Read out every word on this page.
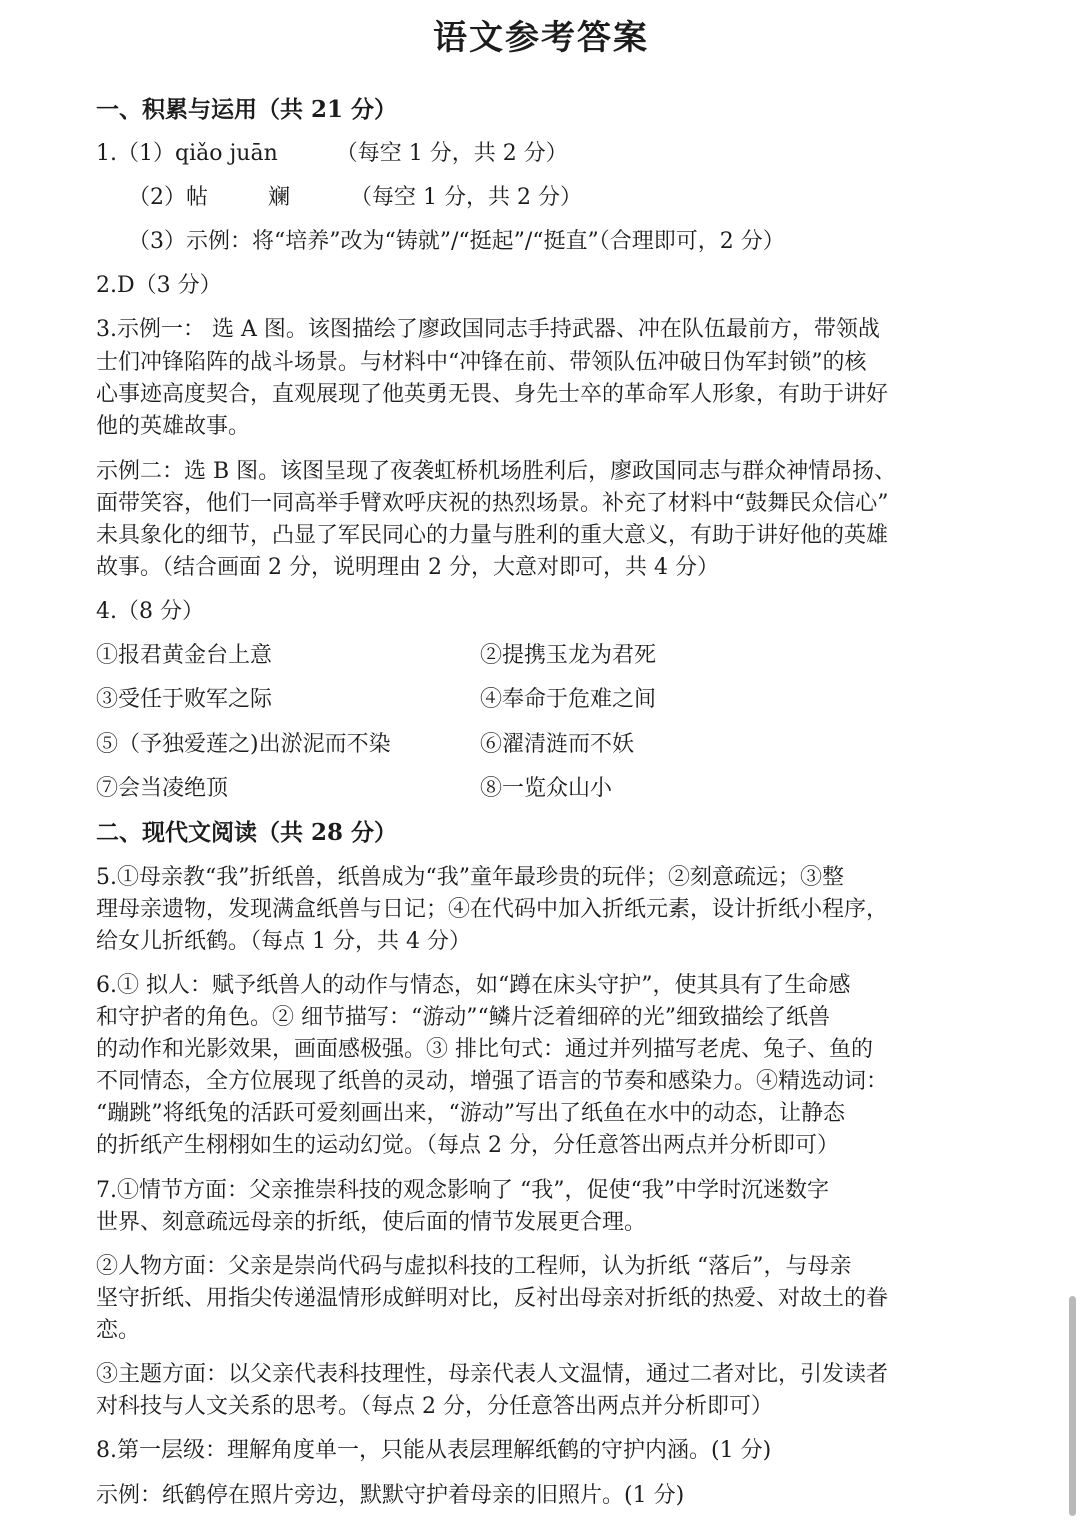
语文参考答案
一、积累与运用（共 21 分）
1.（1）qiǎo juān	（每空 1 分，共 2 分）
（2）帖	斓	（每空 1 分，共 2 分）
（3）示例：将“培养”改为“铸就”/“挺起”/“挺直”（合理即可，2 分）
2.D（3 分）
3.示例一： 选 A 图。该图描绘了廖政国同志手持武器、冲在队伍最前方，带领战
士们冲锋陷阵的战斗场景。与材料中“冲锋在前、带领队伍冲破日伪军封锁”的核
心事迹高度契合，直观展现了他英勇无畏、身先士卒的革命军人形象，有助于讲好
他的英雄故事。
示例二：选 B 图。该图呈现了夜袭虹桥机场胜利后，廖政国同志与群众神情昂扬、
面带笑容，他们一同高举手臂欢呼庆祝的热烈场景。补充了材料中“鼓舞民众信心”
未具象化的细节，凸显了军民同心的力量与胜利的重大意义，有助于讲好他的英雄
故事。（结合画面 2 分，说明理由 2 分，大意对即可，共 4 分）
4.（8 分）
①报君黄金台上意	②提携玉龙为君死
③受任于败军之际	④奉命于危难之间
⑤（予独爱莲之)出淤泥而不染	⑥濯清涟而不妖
⑦会当凌绝顶	⑧一览众山小
二、现代文阅读（共 28 分）
5.①母亲教“我”折纸兽，纸兽成为“我”童年最珍贵的玩伴；②刻意疏远；③整
理母亲遗物，发现满盒纸兽与日记；④在代码中加入折纸元素，设计折纸小程序，
给女儿折纸鹤。（每点 1 分，共 4 分）
6.① 拟人：赋予纸兽人的动作与情态，如“蹲在床头守护”，使其具有了生命感
和守护者的角色。② 细节描写：“游动”“鳞片泛着细碎的光”细致描绘了纸兽
的动作和光影效果，画面感极强。③ 排比句式：通过并列描写老虎、兔子、鱼的
不同情态，全方位展现了纸兽的灵动，增强了语言的节奏和感染力。④精选动词：
“蹦跳”将纸兔的活跃可爱刻画出来，“游动”写出了纸鱼在水中的动态，让静态
的折纸产生栩栩如生的运动幻觉。（每点 2 分，分任意答出两点并分析即可）
7.①情节方面：父亲推崇科技的观念影响了 “我”，促使“我”中学时沉迷数字
世界、刻意疏远母亲的折纸，使后面的情节发展更合理。
②人物方面：父亲是崇尚代码与虚拟科技的工程师，认为折纸 “落后”，与母亲
坚守折纸、用指尖传递温情形成鲜明对比，反衬出母亲对折纸的热爱、对故土的眷
恋。
③主题方面：以父亲代表科技理性，母亲代表人文温情，通过二者对比，引发读者
对科技与人文关系的思考。（每点 2 分，分任意答出两点并分析即可）
8.第一层级：理解角度单一，只能从表层理解纸鹤的守护内涵。(1 分)
示例：纸鹤停在照片旁边，默默守护着母亲的旧照片。(1 分)
